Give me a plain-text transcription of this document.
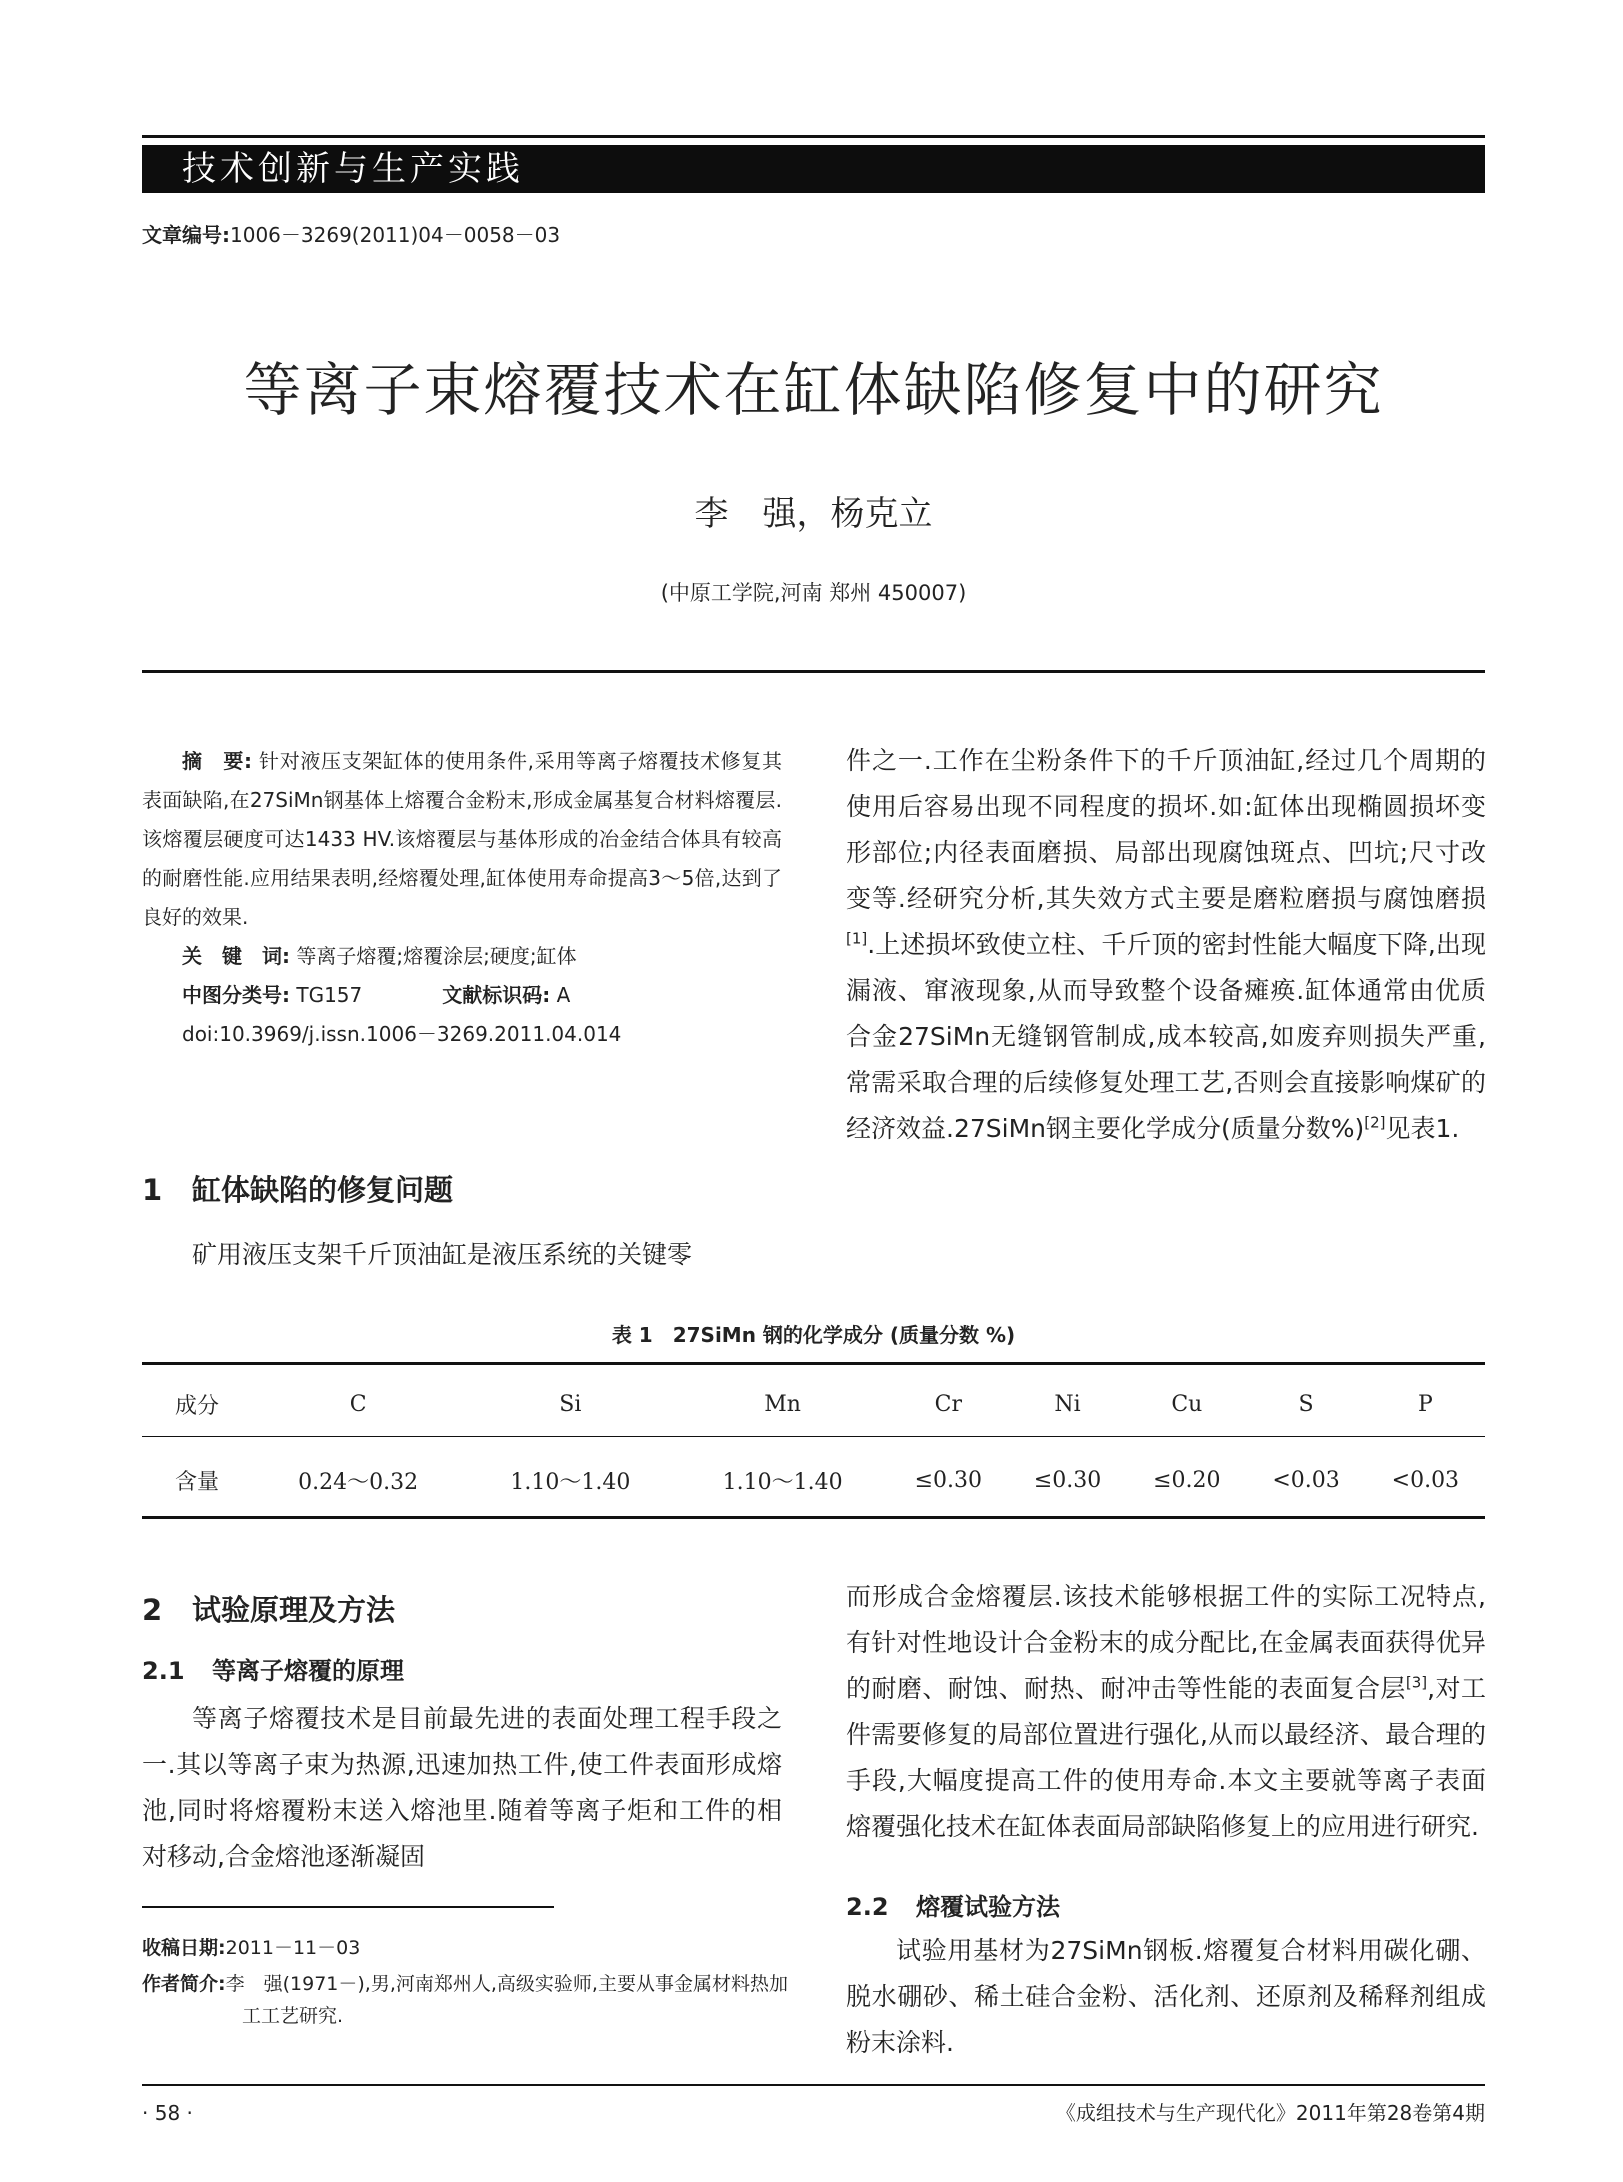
技术创新与生产实践
文章编号:1006－3269(2011)04－0058－03
等离子束熔覆技术在缸体缺陷修复中的研究
李　强，杨克立
(中原工学院,河南 郑州 450007)

摘　要: 针对液压支架缸体的使用条件,采用等离子熔覆技术修复其表面缺陷,在27SiMn钢基体上熔覆合金粉末,形成金属基复合材料熔覆层.该熔覆层硬度可达1433 HV.该熔覆层与基体形成的冶金结合体具有较高的耐磨性能.应用结果表明,经熔覆处理,缸体使用寿命提高3～5倍,达到了良好的效果.

关　键　词: 等离子熔覆;熔覆涂层;硬度;缸体

中图分类号: TG157	文献标识码: A

doi:10.3969/j.issn.1006－3269.2011.04.014

1 缸体缺陷的修复问题

矿用液压支架千斤顶油缸是液压系统的关键零

件之一.工作在尘粉条件下的千斤顶油缸,经过几个周期的使用后容易出现不同程度的损坏.如:缸体出现椭圆损坏变形部位;内径表面磨损、局部出现腐蚀斑点、凹坑;尺寸改变等.经研究分析,其失效方式主要是磨粒磨损与腐蚀磨损[1].上述损坏致使立柱、千斤顶的密封性能大幅度下降,出现漏液、窜液现象,从而导致整个设备瘫痪.缸体通常由优质合金27SiMn无缝钢管制成,成本较高,如废弃则损失严重,常需采取合理的后续修复处理工艺,否则会直接影响煤矿的经济效益.27SiMn钢主要化学成分(质量分数%)[2]见表1.

表 1　27SiMn 钢的化学成分 (质量分数 %)
成分	C	Si	Mn	Cr	Ni	Cu	S	P
含量	0.24～0.32	1.10～1.40	1.10～1.40	≤0.30	≤0.30	≤0.20	<0.03	<0.03
2 试验原理及方法
2.1 等离子熔覆的原理

等离子熔覆技术是目前最先进的表面处理工程手段之一.其以等离子束为热源,迅速加热工件,使工件表面形成熔池,同时将熔覆粉末送入熔池里.随着等离子炬和工件的相对移动,合金熔池逐渐凝固

而形成合金熔覆层.该技术能够根据工件的实际工况特点,有针对性地设计合金粉末的成分配比,在金属表面获得优异的耐磨、耐蚀、耐热、耐冲击等性能的表面复合层[3],对工件需要修复的局部位置进行强化,从而以最经济、最合理的手段,大幅度提高工件的使用寿命.本文主要就等离子表面熔覆强化技术在缸体表面局部缺陷修复上的应用进行研究.

2.2 熔覆试验方法

试验用基材为27SiMn钢板.熔覆复合材料用碳化硼、脱水硼砂、稀土硅合金粉、活化剂、还原剂及稀释剂组成粉末涂料.

收稿日期:2011－11－03
作者简介:李　强(1971－),男,河南郑州人,高级实验师,主要从事金属材料热加工工艺研究.
· 58 ·	《成组技术与生产现代化》2011年第28卷第4期
